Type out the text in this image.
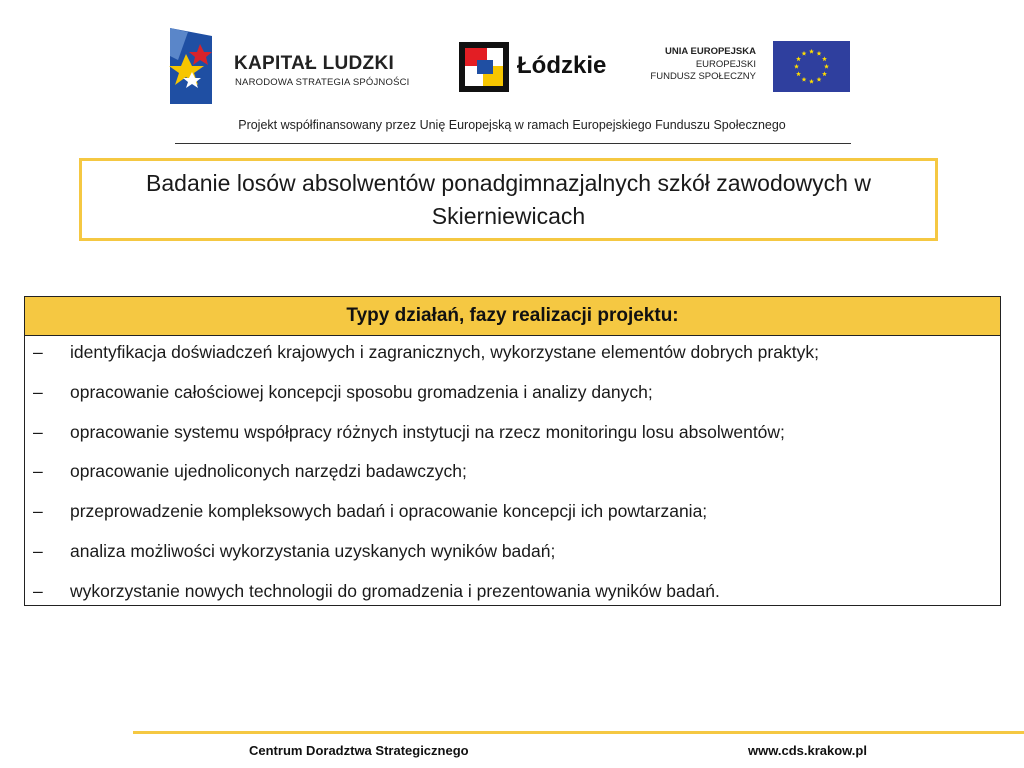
KAPITAŁ LUDZKI
NARODOWA STRATEGIA SPÓJNOŚCI
Łódzkie
UNIA EUROPEJSKA
EUROPEJSKI
FUNDUSZ SPOŁECZNY
Projekt współfinansowany przez Unię Europejską w ramach Europejskiego Funduszu Społecznego
Badanie losów absolwentów ponadgimnazjalnych szkół zawodowych w Skierniewicach
Typy działań, fazy realizacji projektu:
– identyfikacja doświadczeń krajowych i zagranicznych, wykorzystane elementów dobrych praktyk;
– opracowanie całościowej koncepcji sposobu gromadzenia i analizy danych;
– opracowanie systemu współpracy różnych instytucji na rzecz monitoringu losu absolwentów;
– opracowanie ujednoliconych narzędzi badawczych;
– przeprowadzenie kompleksowych badań i opracowanie koncepcji ich powtarzania;
– analiza możliwości wykorzystania uzyskanych wyników badań;
– wykorzystanie nowych technologii do gromadzenia i prezentowania wyników badań.
Centrum Doradztwa Strategicznego	www.cds.krakow.pl
